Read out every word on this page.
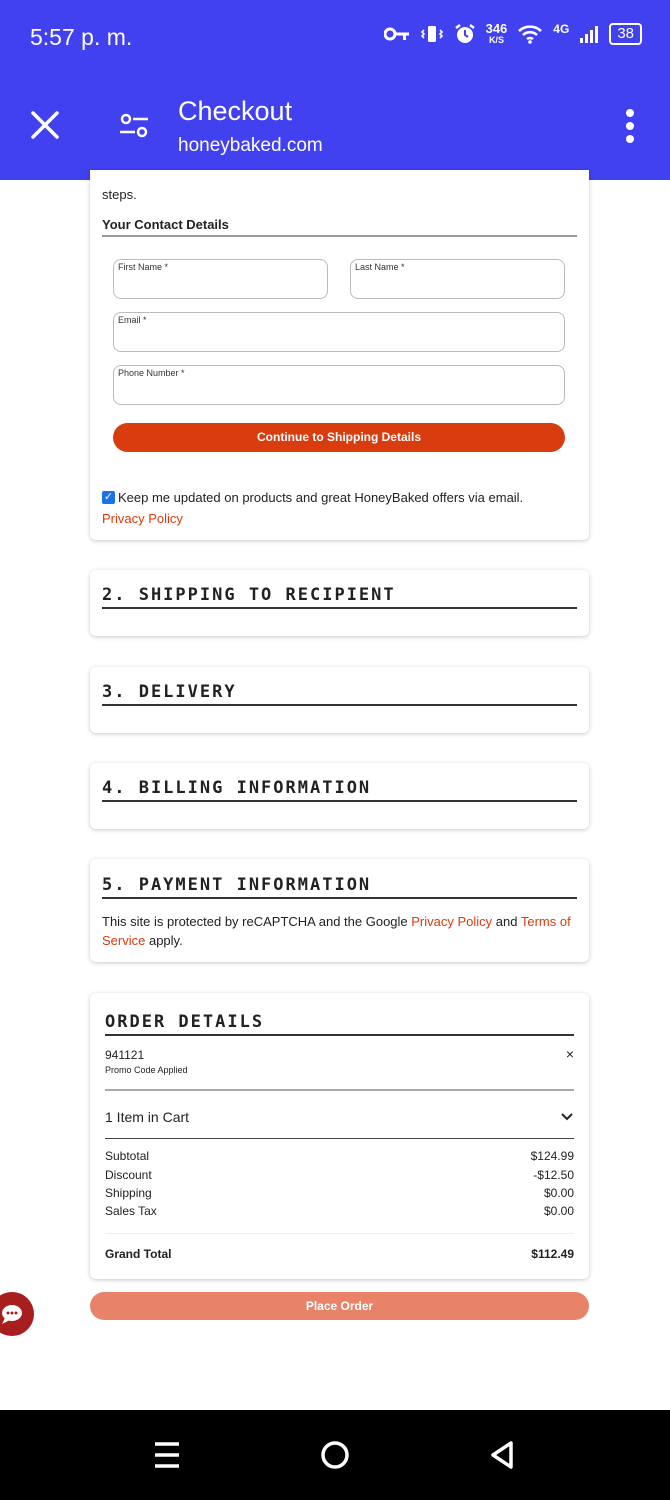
5:57 p. m.	346
K/S
4G	38
Checkout
honeybaked.com
steps.
Your Contact Details
First Name *	Last Name *
Email *
Phone Number *
Continue to Shipping Details
✓ Keep me updated on products and great HoneyBaked offers via email.
Privacy Policy
2. SHIPPING TO RECIPIENT
3. DELIVERY
4. BILLING INFORMATION
5. PAYMENT INFORMATION
This site is protected by reCAPTCHA and the Google Privacy Policy and Terms of Service apply.
ORDER DETAILS
941121
Promo Code Applied
×
1 Item in Cart
Subtotal	$124.99
Discount	-$12.50
Shipping	$0.00
Sales Tax	$0.00
Grand Total	$112.49
Place Order
